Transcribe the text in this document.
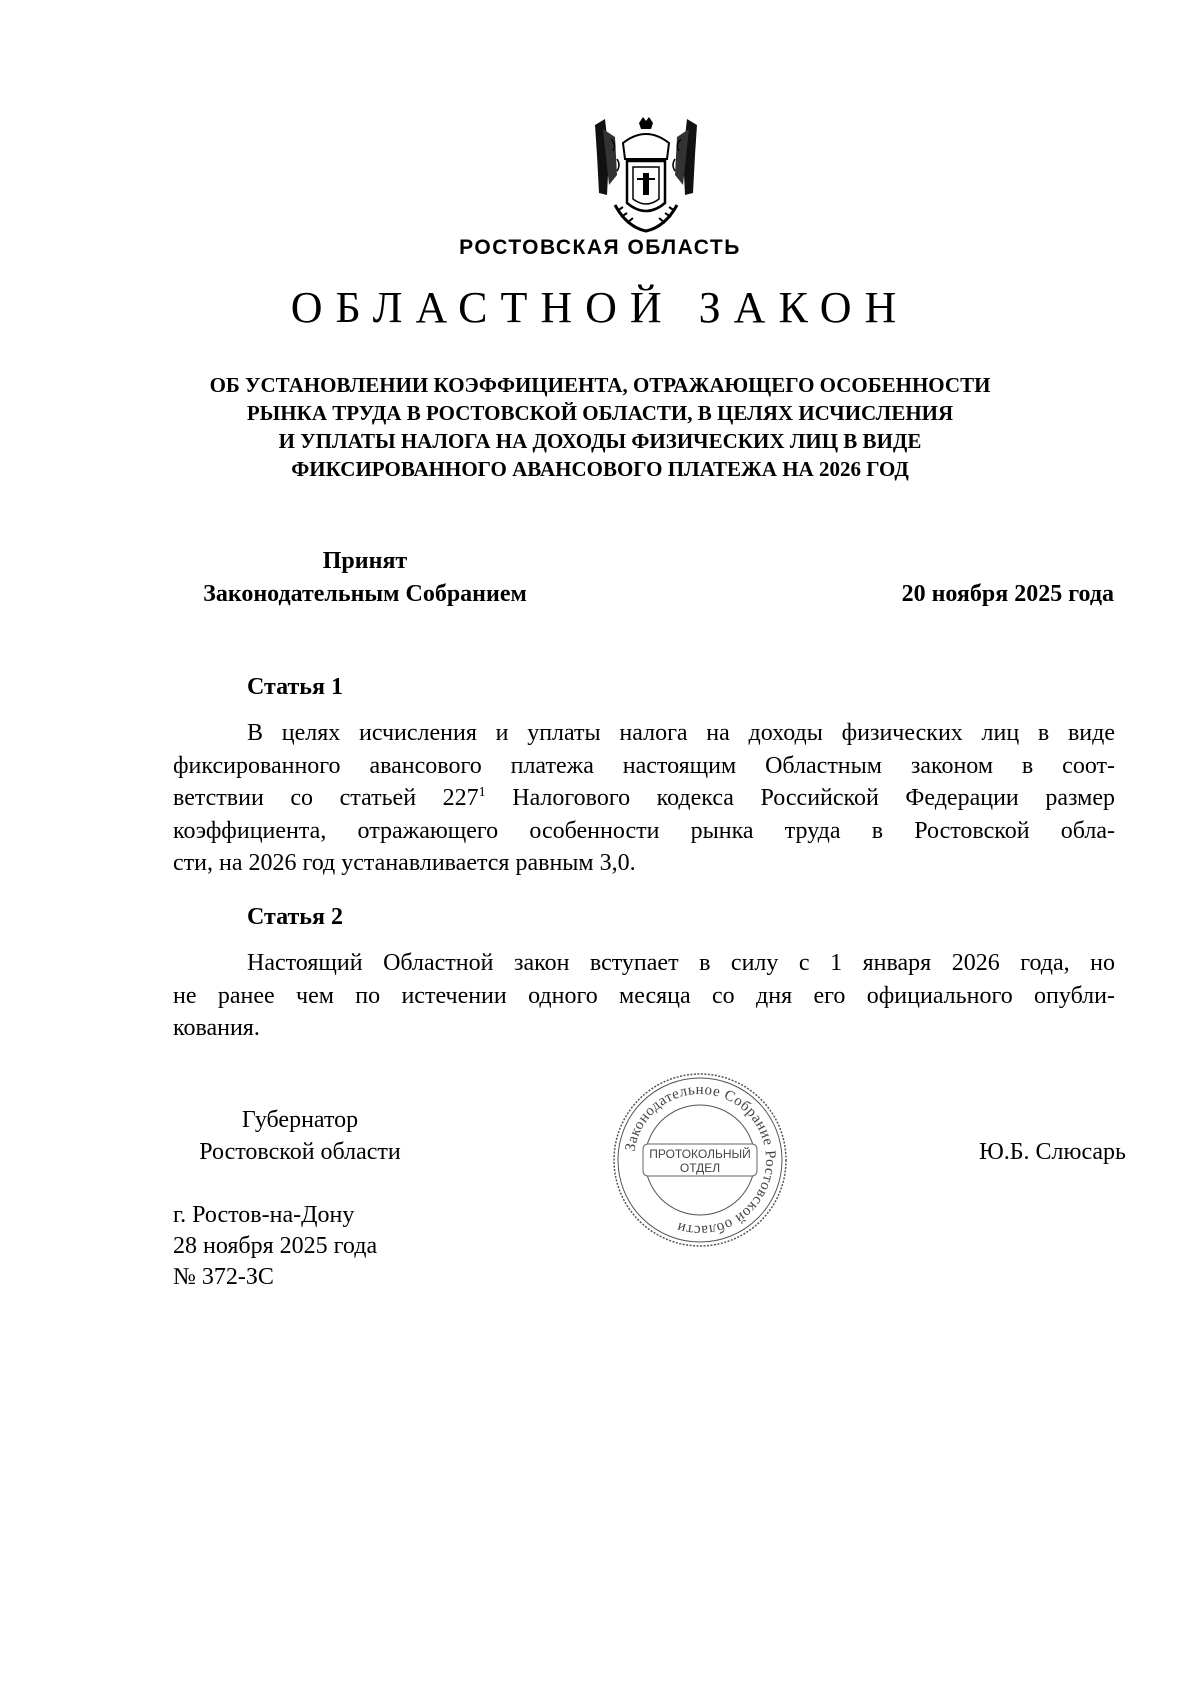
РОСТОВСКАЯ ОБЛАСТЬ
ОБЛАСТНОЙ ЗАКОН
ОБ УСТАНОВЛЕНИИ КОЭФФИЦИЕНТА, ОТРАЖАЮЩЕГО ОСОБЕННОСТИ
РЫНКА ТРУДА В РОСТОВСКОЙ ОБЛАСТИ, В ЦЕЛЯХ ИСЧИСЛЕНИЯ
И УПЛАТЫ НАЛОГА НА ДОХОДЫ ФИЗИЧЕСКИХ ЛИЦ В ВИДЕ
ФИКСИРОВАННОГО АВАНСОВОГО ПЛАТЕЖА НА 2026 ГОД
Принят
Законодательным Собранием	20 ноября 2025 года
Статья 1
В целях исчисления и уплаты налога на доходы физических лиц в виде
фиксированного авансового платежа настоящим Областным законом в соот-
ветствии со статьей $227^1$ Налогового кодекса Российской Федерации размер
коэффициента, отражающего особенности рынка труда в Ростовской обла-
сти, на 2026 год устанавливается равным 3,0.
Статья 2
Настоящий Областной закон вступает в силу с 1 января 2026 года, но
не ранее чем по истечении одного месяца со дня его официального опубли-
кования.
Губернатор
Ростовской области	Ю.Б. Слюсарь
Законодательное Собрание Ростовской области
ПРОТОКОЛЬНЫЙ
ОТДЕЛ
г. Ростов-на-Дону
28 ноября 2025 года
№ 372-ЗС
